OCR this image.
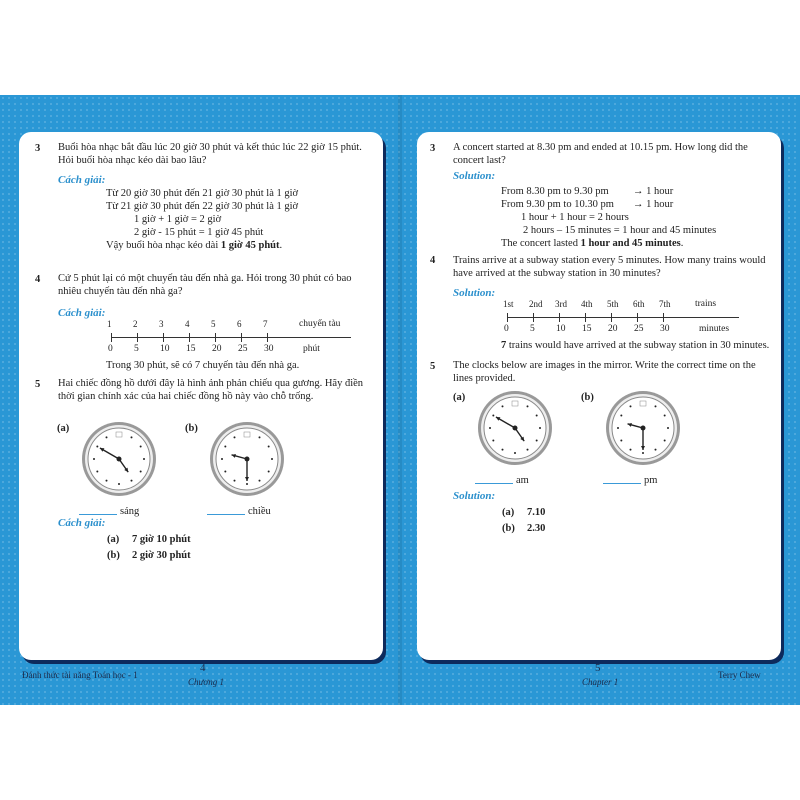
3 Buổi hòa nhạc bắt đầu lúc 20 giờ 30 phút và kết thúc lúc 22 giờ 15 phút. Hỏi buổi hòa nhạc kéo dài bao lâu?
Cách giải:
Từ 20 giờ 30 phút đến 21 giờ 30 phút là 1 giờ
Từ 21 giờ 30 phút đến 22 giờ 30 phút là 1 giờ
1 giờ + 1 giờ = 2 giờ
2 giờ - 15 phút = 1 giờ 45 phút
Vậy buổi hòa nhạc kéo dài 1 giờ 45 phút.
4 Cứ 5 phút lại có một chuyến tàu đến nhà ga. Hỏi trong 30 phút có bao nhiêu chuyến tàu đến nhà ga?
Cách giải:
1
0
2
5
3
10
4
15
5
20
6
25
7
30
chuyến tàu
phút
Trong 30 phút, sẽ có 7 chuyến tàu đến nhà ga.
5 Hai chiếc đồng hồ dưới đây là hình ảnh phản chiếu qua gương. Hãy điền thời gian chính xác của hai chiếc đồng hồ này vào chỗ trống.
(a)
sáng
(b)
chiều
Cách giải:
(a) 7 giờ 10 phút
(b) 2 giờ 30 phút
Đánh thức tài năng Toán học - 1
4
Chương 1
3 A concert started at 8.30 pm and ended at 10.15 pm. How long did the concert last?
Solution:
From 8.30 pm to 9.30 pm → 1 hour
From 9.30 pm to 10.30 pm → 1 hour
1 hour + 1 hour = 2 hours
2 hours – 15 minutes = 1 hour and 45 minutes
The concert lasted 1 hour and 45 minutes.
4 Trains arrive at a subway station every 5 minutes. How many trains would have arrived at the subway station in 30 minutes?
Solution:
1st
0
2nd
5
3rd
10
4th
15
5th
20
6th
25
7th
30
trains
minutes
7 trains would have arrived at the subway station in 30 minutes.
5 The clocks below are images in the mirror. Write the correct time on the lines provided.
(a)
am
(b)
pm
Solution:
(a) 7.10
(b) 2.30
5
Chapter 1
Terry Chew
